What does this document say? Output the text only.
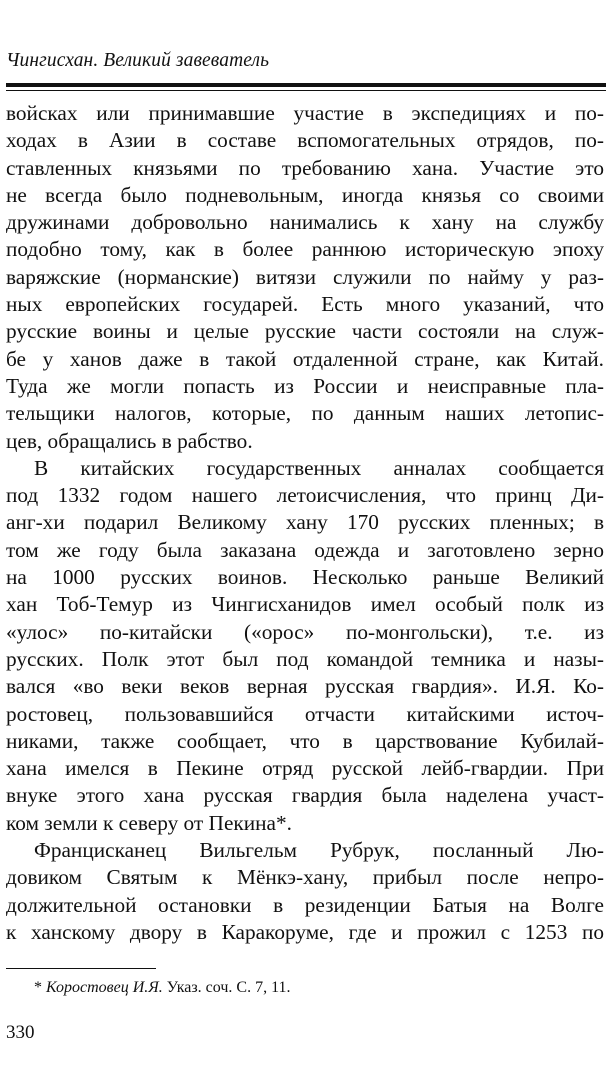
Чингисхан. Великий завеватель
войсках или принимавшие участие в экспедициях и по-
ходах в Азии в составе вспомогательных отрядов, по-
ставленных князьями по требованию хана. Участие это
не всегда было подневольным, иногда князья со своими
дружинами добровольно нанимались к хану на службу
подобно тому, как в более раннюю историческую эпоху
варяжские (норманские) витязи служили по найму у раз-
ных европейских государей. Есть много указаний, что
русские воины и целые русские части состояли на служ-
бе у ханов даже в такой отдаленной стране, как Китай.
Туда же могли попасть из России и неисправные пла-
тельщики налогов, которые, по данным наших летопис-
цев, обращались в рабство.
В китайских государственных анналах сообщается
под 1332 годом нашего летоисчисления, что принц Ди-
анг-хи подарил Великому хану 170 русских пленных; в
том же году была заказана одежда и заготовлено зерно
на 1000 русских воинов. Несколько раньше Великий
хан Тоб-Темур из Чингисханидов имел особый полк из
«улос» по-китайски («орос» по-монгольски), т.е. из
русских. Полк этот был под командой темника и назы-
вался «во веки веков верная русская гвардия». И.Я. Ко-
ростовец, пользовавшийся отчасти китайскими источ-
никами, также сообщает, что в царствование Кубилай-
хана имелся в Пекине отряд русской лейб-гвардии. При
внуке этого хана русская гвардия была наделена участ-
ком земли к северу от Пекина*.
Францисканец Вильгельм Рубрук, посланный Лю-
довиком Святым к Мёнкэ-хану, прибыл после непро-
должительной остановки в резиденции Батыя на Волге
к ханскому двору в Каракоруме, где и прожил с 1253 по
* Коростовец И.Я. Указ. соч. С. 7, 11.
330
